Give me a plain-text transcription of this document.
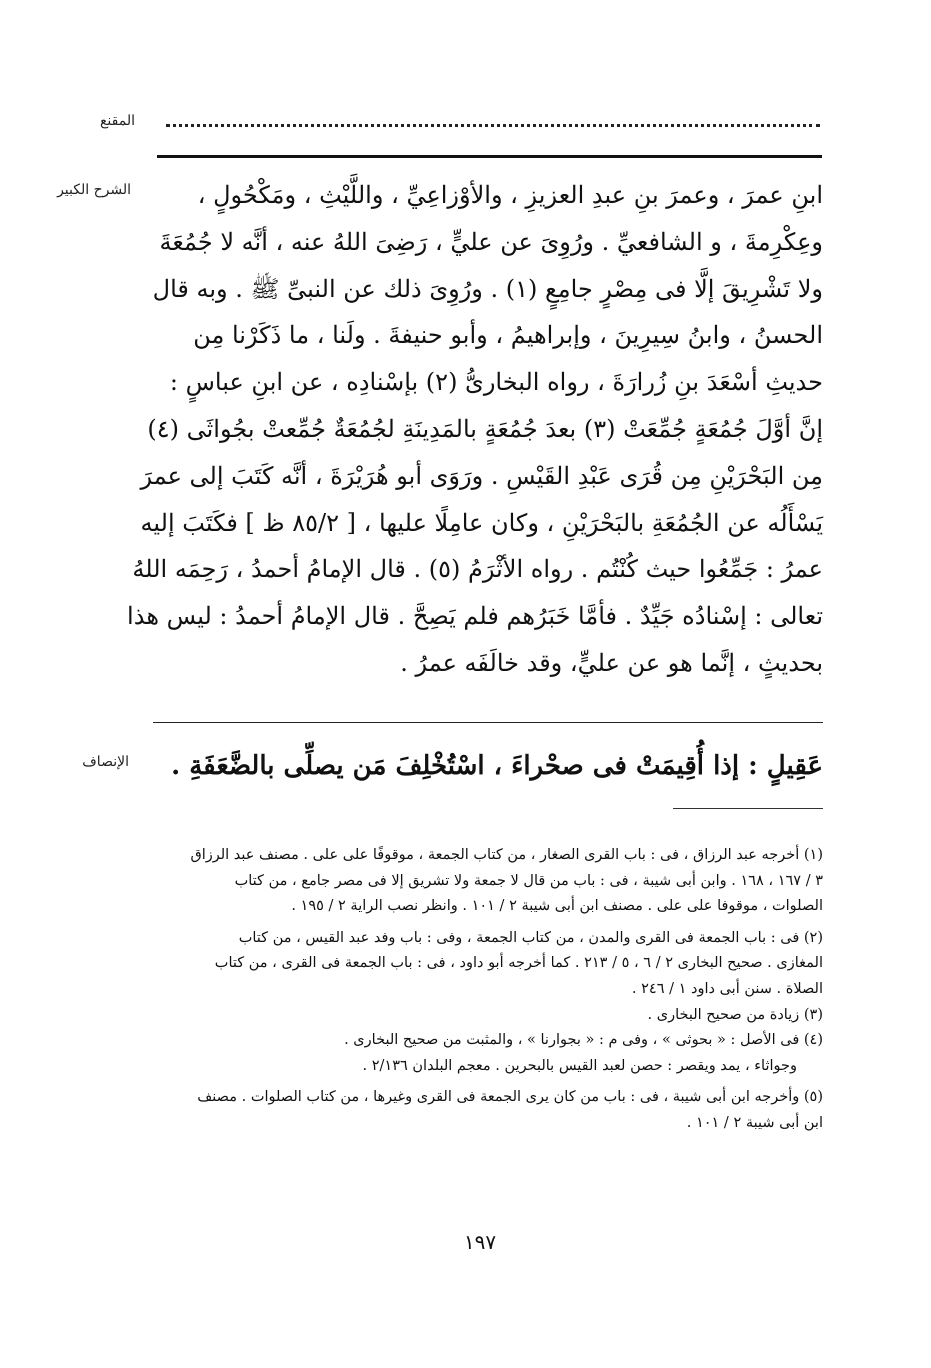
المقنع
الشرح الكبير
الإنصاف
ابنِ عمرَ ، وعمرَ بنِ عبدِ العزيزِ ، والأوْزاعِيِّ ، واللَّيْثِ ، ومَكْحُولٍ ،
وعِكْرِمةَ ، و الشافعيِّ . ورُوِىَ عن عليٍّ ، رَضِىَ اللهُ عنه ، أنَّه لا جُمُعَةَ
ولا تَشْرِيقَ إلَّا فى مِصْرٍ جامِعٍ (١) . ورُوِىَ ذلك عن النبىِّ ﷺ . وبه قال
الحسنُ ، وابنُ سِيرِينَ ، وإبراهيمُ ، وأبو حنيفةَ . ولَنا ، ما ذَكَرْنا مِن
حديثِ أسْعَدَ بنِ زُرارَةَ ، رواه البخارىُّ (٢) بإسْنادِه ، عن ابنِ عباسٍ :
إنَّ أوَّلَ جُمُعَةٍ جُمِّعَتْ (٣) بعدَ جُمُعَةٍ بالمَدِينَةِ لجُمُعَةٌ جُمِّعتْ بجُواثَى (٤)
مِن البَحْرَيْنِ مِن قُرَى عَبْدِ القَيْسِ . ورَوَى أبو هُرَيْرَةَ ، أنَّه كَتَبَ إلى عمرَ
يَسْأَلُه عن الجُمُعَةِ بالبَحْرَيْنِ ، وكان عامِلًا عليها ، [ ٨٥/٢ ظ ] فكَتَبَ إليه
عمرُ : جَمِّعُوا حيث كُنْتُم . رواه الأثْرَمُ (٥) . قال الإمامُ أحمدُ ، رَحِمَه اللهُ
تعالى : إسْنادُه جَيِّدٌ . فأمَّا خَبَرُهم فلم يَصِحَّ . قال الإمامُ أحمدُ : ليس هذا
بحديثٍ ، إنَّما هو عن عليٍّ، وقد خالَفَه عمرُ .
عَقِيلٍ : إذا أُقِيمَتْ فى صحْراءَ ، اسْتُخْلِفَ مَن يصلِّى بالضَّعَفَةِ .
(١) أخرجه عبد الرزاق ، فى : باب القرى الصغار ، من كتاب الجمعة ، موقوفًا على على . مصنف عبد الرزاق
٣ / ١٦٧ ، ١٦٨ . وابن أبى شيبة ، فى : باب من قال لا جمعة ولا تشريق إلا فى مصر جامع ، من كتاب
الصلوات ، موقوفا على على . مصنف ابن أبى شيبة ٢ / ١٠١ . وانظر نصب الراية ٢ / ١٩٥ .
(٢) فى : باب الجمعة فى القرى والمدن ، من كتاب الجمعة ، وفى : باب وفد عبد القيس ، من كتاب
المغازى . صحيح البخارى ٢ / ٦ ، ٥ / ٢١٣ . كما أخرجه أبو داود ، فى : باب الجمعة فى القرى ، من كتاب
الصلاة . سنن أبى داود ١ / ٢٤٦ .
(٣) زيادة من صحيح البخارى .
(٤) فى الأصل : « بحوثى » ، وفى م : « بجوارنا » ، والمثبت من صحيح البخارى .
وجواثاء ، يمد ويقصر : حصن لعبد القيس بالبحرين . معجم البلدان ٢/١٣٦ .
(٥) وأخرجه ابن أبى شيبة ، فى : باب من كان يرى الجمعة فى القرى وغيرها ، من كتاب الصلوات . مصنف
ابن أبى شيبة ٢ / ١٠١ .
١٩٧
